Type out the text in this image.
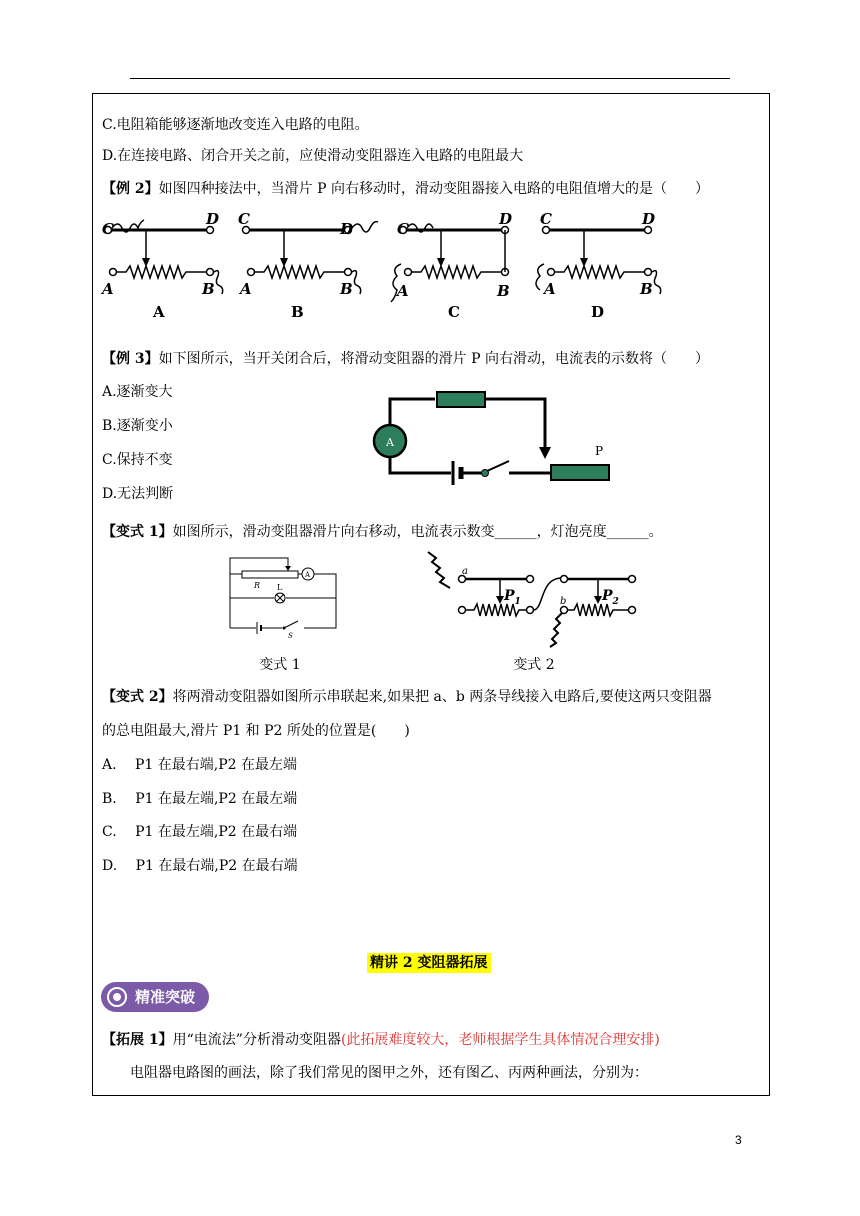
C.电阻箱能够逐渐地改变连入电路的电阻。
D.在连接电路、闭合开关之前，应使滑动变阻器连入电路的电阻最大
【例 2】如图四种接法中，当滑片 P 向右移动时，滑动变阻器接入电路的电阻值增大的是（　　）
C
D
A	B
A
C
D
A	B
B
C
D
A	B
C
C	D
A	B
D
【例 3】如下图所示，当开关闭合后，将滑动变阻器的滑片 P 向右滑动，电流表的示数将（　　）
A.逐渐变大
B.逐渐变小
C.保持不变
D.无法判断
P
A
【变式 1】如图所示，滑动变阻器滑片向右移动，电流表示数变______，灯泡亮度______。
R
A
L
S
a
$P_1$	$P_2$
b
变式 1	变式 2
【变式 2】将两滑动变阻器如图所示串联起来,如果把 a、b 两条导线接入电路后,要使这两只变阻器
的总电阻最大,滑片 P1 和 P2 所处的位置是(　　)
A.　 P1 在最右端,P2 在最左端
B.　 P1 在最左端,P2 在最左端
C.　 P1 在最左端,P2 在最右端
D.　 P1 在最右端,P2 在最右端
精讲 2 变阻器拓展
精准突破
【拓展 1】用“电流法”分析滑动变阻器(此拓展难度较大，老师根据学生具体情况合理安排)
电阻器电路图的画法，除了我们常见的图甲之外，还有图乙、丙两种画法，分别为：
3
